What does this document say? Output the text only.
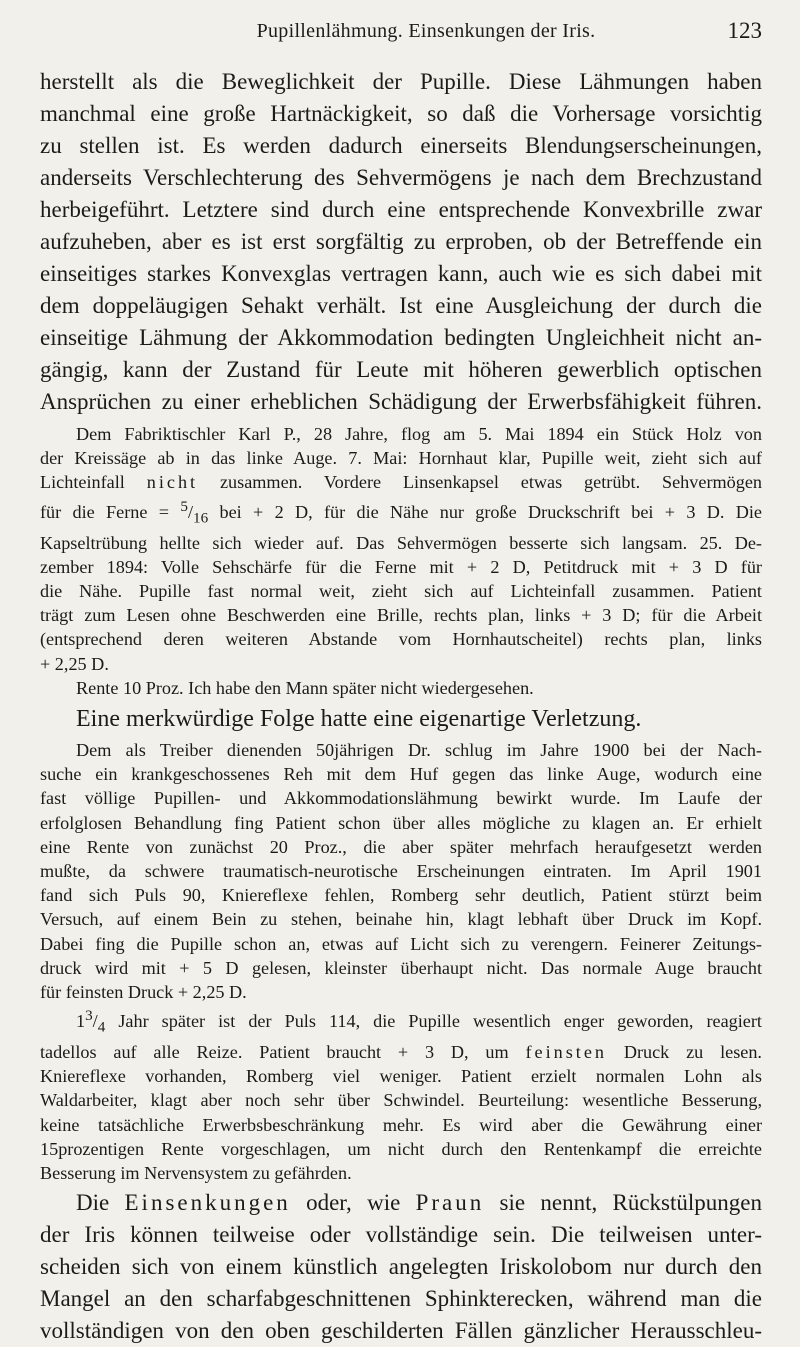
Pupillenlähmung. Einsenkungen der Iris.	123
herstellt als die Beweglichkeit der Pupille. Diese Lähmungen haben
manchmal eine große Hartnäckigkeit, so daß die Vorhersage vorsichtig
zu stellen ist. Es werden dadurch einerseits Blendungserscheinungen,
anderseits Verschlechterung des Sehvermögens je nach dem Brechzustand
herbeigeführt. Letztere sind durch eine entsprechende Konvexbrille zwar
aufzuheben, aber es ist erst sorgfältig zu erproben, ob der Betreffende ein
einseitiges starkes Konvexglas vertragen kann, auch wie es sich dabei mit
dem doppeläugigen Sehakt verhält. Ist eine Ausgleichung der durch die
einseitige Lähmung der Akkommodation bedingten Ungleichheit nicht an-
gängig, kann der Zustand für Leute mit höheren gewerblich optischen
Ansprüchen zu einer erheblichen Schädigung der Erwerbsfähigkeit führen.
Dem Fabriktischler Karl P., 28 Jahre, flog am 5. Mai 1894 ein Stück Holz von
der Kreissäge ab in das linke Auge. 7. Mai: Hornhaut klar, Pupille weit, zieht sich auf
Lichteinfall nicht zusammen. Vordere Linsenkapsel etwas getrübt. Sehvermögen
für die Ferne = $^5/_{16}$ bei + 2 D, für die Nähe nur große Druckschrift bei + 3 D. Die
Kapseltrübung hellte sich wieder auf. Das Sehvermögen besserte sich langsam. 25. De-
zember 1894: Volle Sehschärfe für die Ferne mit + 2 D, Petitdruck mit + 3 D für
die Nähe. Pupille fast normal weit, zieht sich auf Lichteinfall zusammen. Patient
trägt zum Lesen ohne Beschwerden eine Brille, rechts plan, links + 3 D; für die Arbeit
(entsprechend deren weiteren Abstande vom Hornhautscheitel) rechts plan, links
+ 2,25 D.
Rente 10 Proz. Ich habe den Mann später nicht wiedergesehen.
Eine merkwürdige Folge hatte eine eigenartige Verletzung.
Dem als Treiber dienenden 50jährigen Dr. schlug im Jahre 1900 bei der Nach-
suche ein krankgeschossenes Reh mit dem Huf gegen das linke Auge, wodurch eine
fast völlige Pupillen- und Akkommodationslähmung bewirkt wurde. Im Laufe der
erfolglosen Behandlung fing Patient schon über alles mögliche zu klagen an. Er erhielt
eine Rente von zunächst 20 Proz., die aber später mehrfach heraufgesetzt werden
mußte, da schwere traumatisch-neurotische Erscheinungen eintraten. Im April 1901
fand sich Puls 90, Kniereflexe fehlen, Romberg sehr deutlich, Patient stürzt beim
Versuch, auf einem Bein zu stehen, beinahe hin, klagt lebhaft über Druck im Kopf.
Dabei fing die Pupille schon an, etwas auf Licht sich zu verengern. Feinerer Zeitungs-
druck wird mit + 5 D gelesen, kleinster überhaupt nicht. Das normale Auge braucht
für feinsten Druck + 2,25 D.
$1^3/_4$ Jahr später ist der Puls 114, die Pupille wesentlich enger geworden, reagiert
tadellos auf alle Reize. Patient braucht + 3 D, um feinsten Druck zu lesen.
Kniereflexe vorhanden, Romberg viel weniger. Patient erzielt normalen Lohn als
Waldarbeiter, klagt aber noch sehr über Schwindel. Beurteilung: wesentliche Besserung,
keine tatsächliche Erwerbsbeschränkung mehr. Es wird aber die Gewährung einer
15prozentigen Rente vorgeschlagen, um nicht durch den Rentenkampf die erreichte
Besserung im Nervensystem zu gefährden.
Die Einsenkungen oder, wie Praun sie nennt, Rückstülpungen
der Iris können teilweise oder vollständige sein. Die teilweisen unter-
scheiden sich von einem künstlich angelegten Iriskolobom nur durch den
Mangel an den scharfabgeschnittenen Sphinkterecken, während man die
vollständigen von den oben geschilderten Fällen gänzlicher Herausschleu-
